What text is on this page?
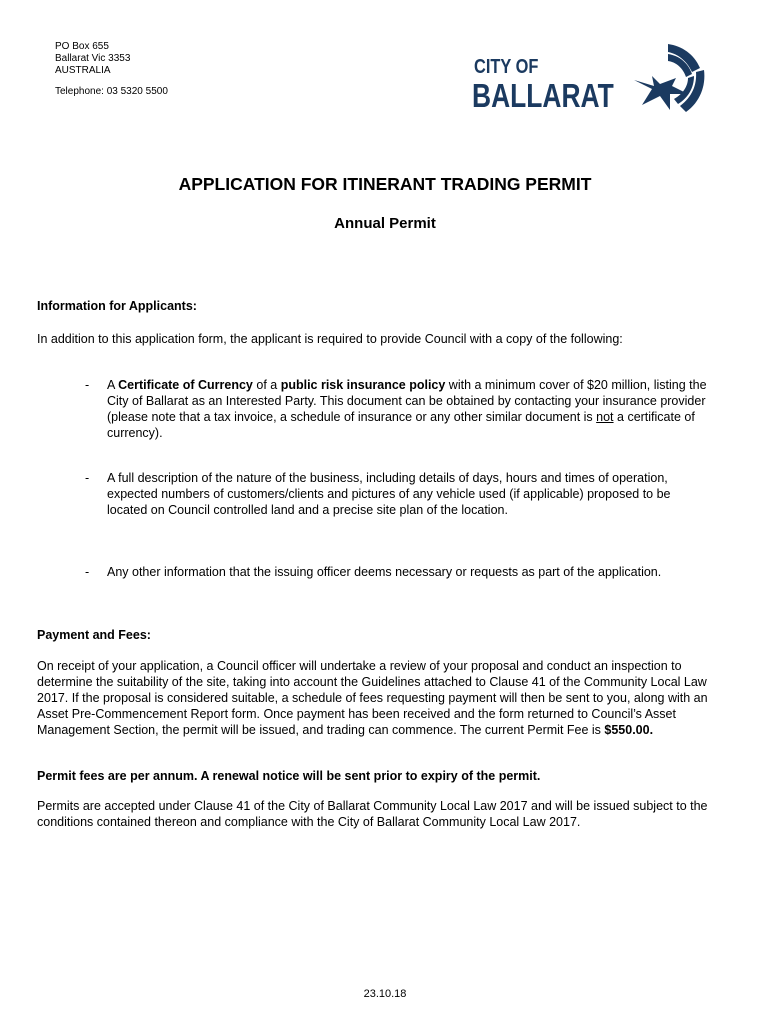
PO Box 655
Ballarat Vic 3353
AUSTRALIA
Telephone: 03 5320 5500
CITY OF
BALLARAT
APPLICATION FOR ITINERANT TRADING PERMIT
Annual Permit
Information for Applicants:
In addition to this application form, the applicant is required to provide Council with a copy of the following:
- A Certificate of Currency of a public risk insurance policy with a minimum cover of $20 million, listing the City of Ballarat as an Interested Party. This document can be obtained by contacting your insurance provider (please note that a tax invoice, a schedule of insurance or any other similar document is not a certificate of currency).
- A full description of the nature of the business, including details of days, hours and times of operation, expected numbers of customers/clients and pictures of any vehicle used (if applicable) proposed to be located on Council controlled land and a precise site plan of the location.
- Any other information that the issuing officer deems necessary or requests as part of the application.
Payment and Fees:
On receipt of your application, a Council officer will undertake a review of your proposal and conduct an inspection to determine the suitability of the site, taking into account the Guidelines attached to Clause 41 of the Community Local Law 2017. If the proposal is considered suitable, a schedule of fees requesting payment will then be sent to you, along with an Asset Pre-Commencement Report form. Once payment has been received and the form returned to Council’s Asset Management Section, the permit will be issued, and trading can commence. The current Permit Fee is $550.00.
Permit fees are per annum. A renewal notice will be sent prior to expiry of the permit.
Permits are accepted under Clause 41 of the City of Ballarat Community Local Law 2017 and will be issued subject to the conditions contained thereon and compliance with the City of Ballarat Community Local Law 2017.
23.10.18
